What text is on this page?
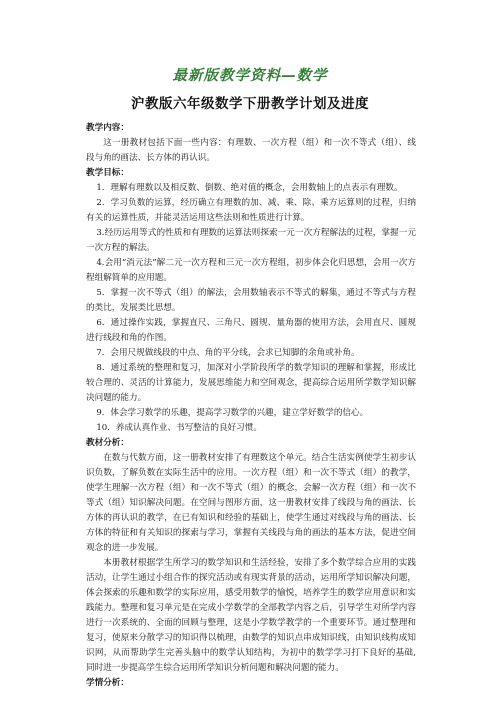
最新版教学资料—数学
沪教版六年级数学下册教学计划及进度

教学内容：

这一册教材包括下面一些内容：有理数、一次方程（组）和一次不等式（组）、线段与角的画法、长方体的再认识。

教学目标：

1．理解有理数以及相反数、倒数、绝对值的概念，会用数轴上的点表示有理数。

2．学习负数的运算，经历确立有理数的加、减、乘、除、乘方运算则的过程，归纳有关的运算性质，并能灵活运用这些法则和性质进行计算。

3.经历运用等式的性质和有理数的运算法则探索一元一次方程解法的过程，掌握一元一次方程的解法。

4.会用“消元法”解二元一次方程和三元一次方程组，初步体会化归思想，会用一次方程组解简单的应用题。

5．掌握一次不等式（组）的解法，会用数轴表示不等式的解集，通过不等式与方程的类比，发展类比思想。

6．通过操作实践，掌握直尺、三角尺、圆规、量角器的使用方法，会用直尺、圆规进行线段和角的作图。

7．会用尺规做线段的中点、角的平分线，会求已知脚的余角或补角。

8．通过系统的整理和复习，加深对小学阶段所学的数学知识的理解和掌握，形成比较合理的、灵活的计算能力，发展思维能力和空间观念，提高综合运用所学数学知识解决问题的能力。

9．体会学习数学的乐趣，提高学习数学的兴趣，建立学好数学的信心。

10．养成认真作业、书写整洁的良好习惯。

教材分析：

在数与代数方面，这一册教材安排了有理数这个单元。结合生活实例使学生初步认识负数，了解负数在实际生活中的应用。一次方程（组）和一次不等式（组）的教学，使学生理解一次方程（组）和一次不等式（组）的概念，会解一次方程（组）和一次不等式（组）知识解决问题。在空间与图形方面，这一册教材安排了线段与角的画法、长方体的再认识的教学，在已有知识和经验的基础上，使学生通过对线段与角的画法、长方体的特征和有关知识的探索与学习，掌握有关线段与角的画法的基本方法，促进空间观念的进一步发展。

本册教材根据学生所学习的数学知识和生活经验，安排了多个数学综合应用的实践活动，让学生通过小组合作的探究活动或有现实背景的活动，运用所学知识解决问题，体会探索的乐趣和数学的实际应用，感受用数学的愉悦，培养学生的数学应用意识和实践能力。整理和复习单元是在完成小学数学的全部教学内容之后，引导学生对所学内容进行一次系统的、全面的回顾与整理，这是小学数学教学的一个重要环节。通过整理和复习，使原来分散学习的知识得以梳理，由数学的知识点串成知识线，由知识线构成知识网，从而帮助学生完善头脑中的数学认知结构，为初中的数学学习打下良好的基础, 同时进一步提高学生综合运用所学知识分析问题和解决问题的能力。

学情分析：
